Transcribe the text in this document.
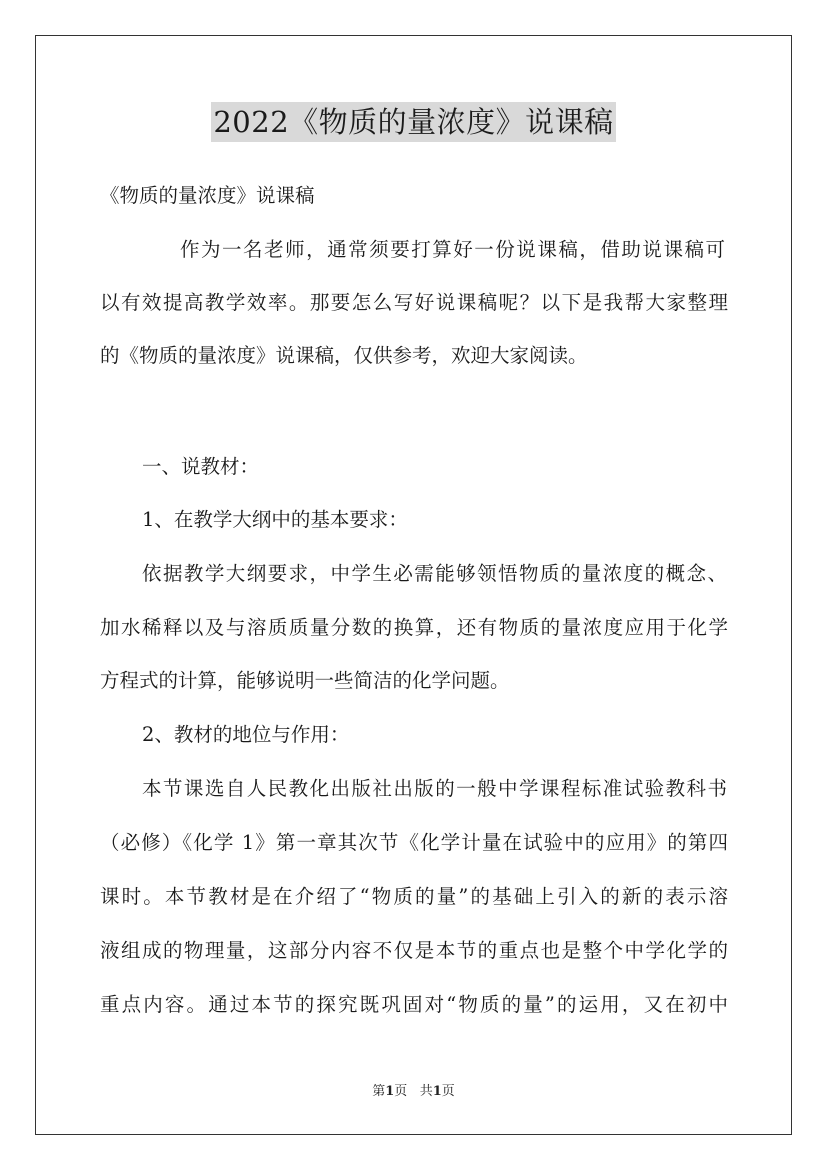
2022《物质的量浓度》说课稿
《物质的量浓度》说课稿
作为一名老师，通常须要打算好一份说课稿，借助说课稿可
以有效提高教学效率。那要怎么写好说课稿呢？以下是我帮大家整理
的《物质的量浓度》说课稿，仅供参考，欢迎大家阅读。
一、说教材：
1、在教学大纲中的基本要求：
依据教学大纲要求，中学生必需能够领悟物质的量浓度的概念、
加水稀释以及与溶质质量分数的换算，还有物质的量浓度应用于化学
方程式的计算，能够说明一些简洁的化学问题。
2、教材的地位与作用：
本节课选自人民教化出版社出版的一般中学课程标准试验教科书
（必修）《化学 1》第一章其次节《化学计量在试验中的应用》的第四
课时。本节教材是在介绍了“物质的量”的基础上引入的新的表示溶
液组成的物理量，这部分内容不仅是本节的重点也是整个中学化学的
重点内容。通过本节的探究既巩固对“物质的量”的运用，又在初中
第1页 共1页
